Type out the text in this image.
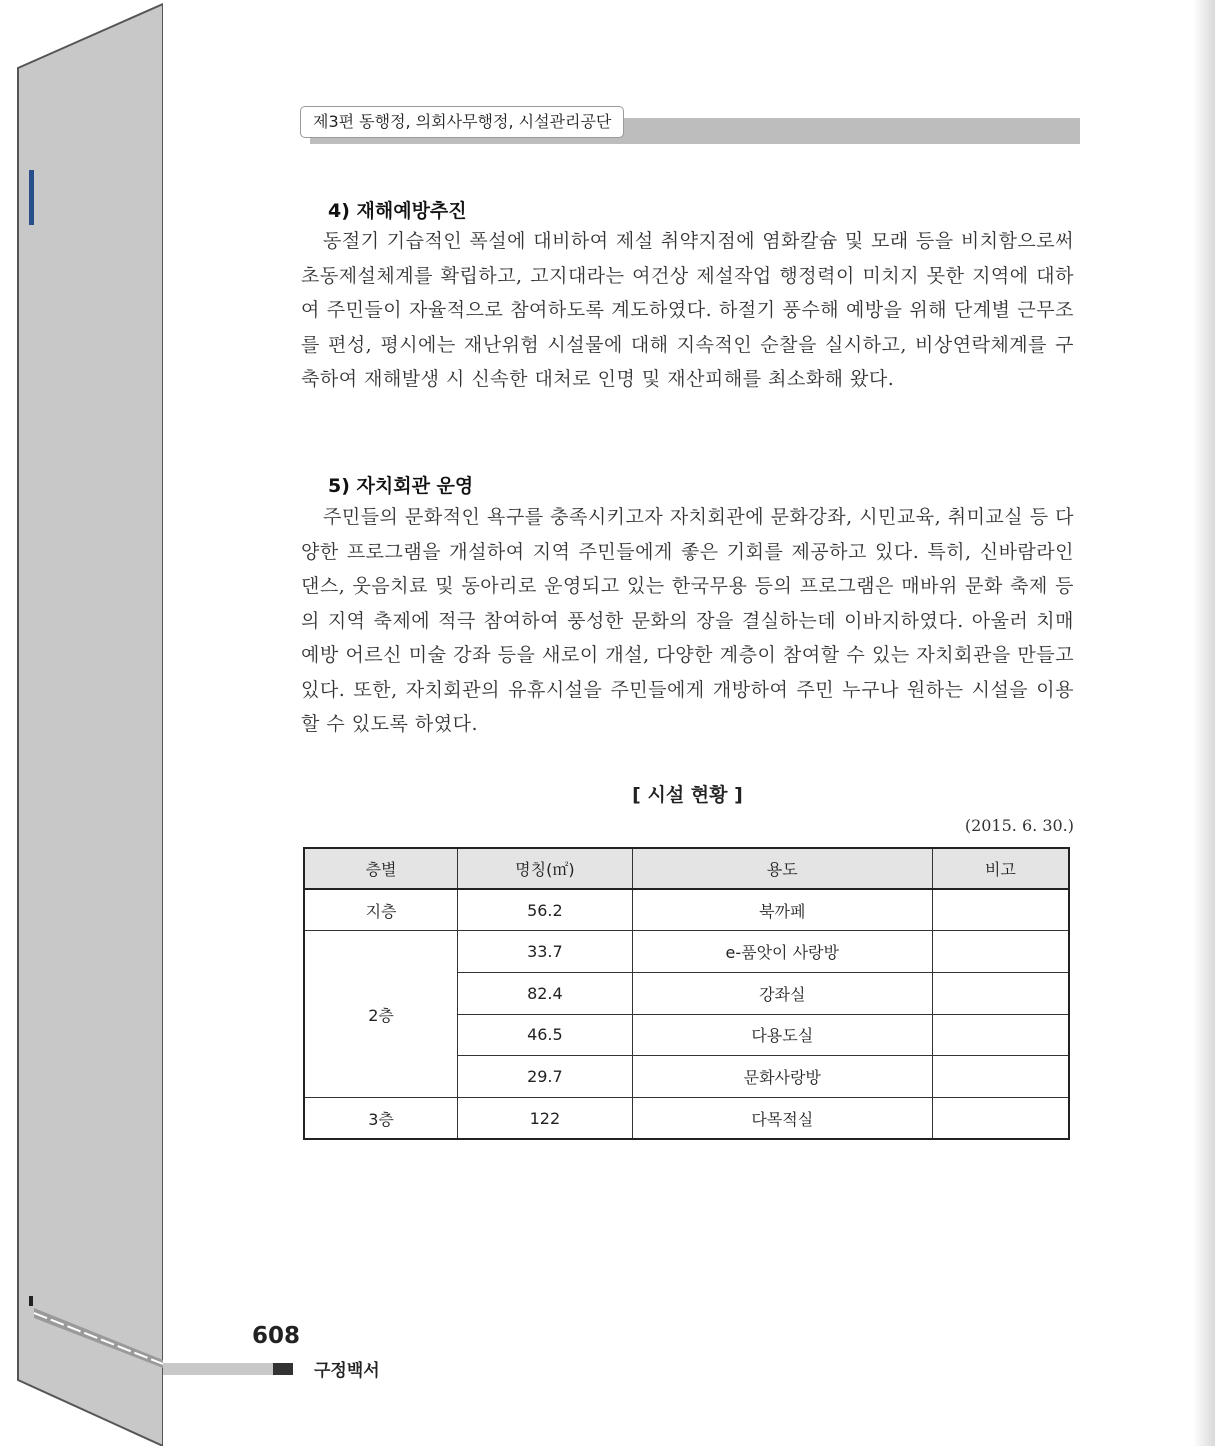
제3편 동행정, 의회사무행정, 시설관리공단
4) 재해예방추진
동절기 기습적인 폭설에 대비하여 제설 취약지점에 염화칼슘 및 모래 등을 비치함으로써 초동제설체계를 확립하고, 고지대라는 여건상 제설작업 행정력이 미치지 못한 지역에 대하여 주민들이 자율적으로 참여하도록 계도하였다. 하절기 풍수해 예방을 위해 단계별 근무조를 편성, 평시에는 재난위험 시설물에 대해 지속적인 순찰을 실시하고, 비상연락체계를 구축하여 재해발생 시 신속한 대처로 인명 및 재산피해를 최소화해 왔다.
5) 자치회관 운영
주민들의 문화적인 욕구를 충족시키고자 자치회관에 문화강좌, 시민교육, 취미교실 등 다양한 프로그램을 개설하여 지역 주민들에게 좋은 기회를 제공하고 있다. 특히, 신바람라인댄스, 웃음치료 및 동아리로 운영되고 있는 한국무용 등의 프로그램은 매바위 문화 축제 등의 지역 축제에 적극 참여하여 풍성한 문화의 장을 결실하는데 이바지하였다. 아울러 치매예방 어르신 미술 강좌 등을 새로이 개설, 다양한 계층이 참여할 수 있는 자치회관을 만들고 있다. 또한, 자치회관의 유휴시설을 주민들에게 개방하여 주민 누구나 원하는 시설을 이용할 수 있도록 하였다.
[ 시설 현황 ]
(2015. 6. 30.)
층별	명칭(㎡)	용도	비고
지층	56.2	북까페	
2층	33.7	e-품앗이 사랑방	
	82.4	강좌실	
	46.5	다용도실	
	29.7	문화사랑방	
3층	122	다목적실	
608
구정백서
